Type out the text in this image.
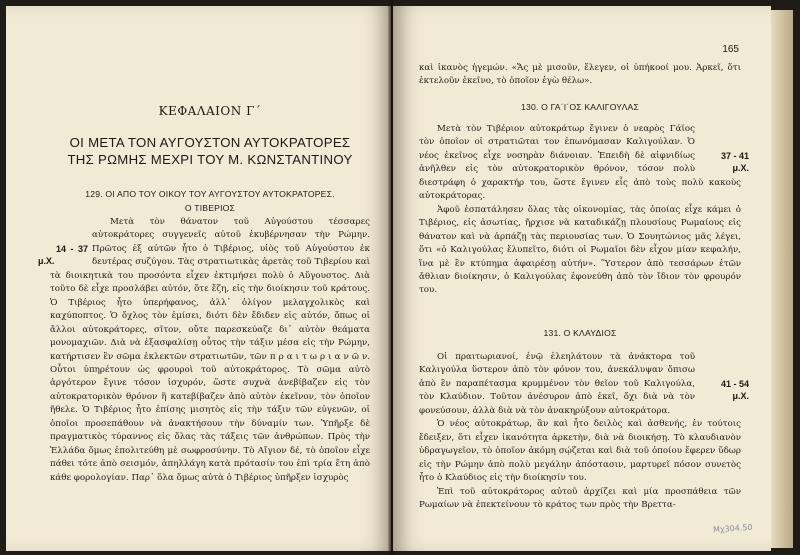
ΚΕΦΑΛΑΙΟΝ Γ΄
ΟΙ ΜΕΤΑ ΤΟΝ ΑΥΓΟΥΣΤΟΝ ΑΥΤΟΚΡΑΤΟΡΕΣ
ΤΗΣ ΡΩΜΗΣ ΜΕΧΡΙ ΤΟΥ Μ. ΚΩΝΣΤΑΝΤΙΝΟΥ
129. ΟΙ ΑΠΟ ΤΟΥ ΟΙΚΟΥ ΤΟΥ ΑΥΓΟΥΣΤΟΥ ΑΥΤΟΚΡΑΤΟΡΕΣ.
Ο ΤΙΒΕΡΙΟΣ

14 - 37 μ.Χ.
Μετὰ τὸν θάνατον τοῦ Αὐγούστου τέσσαρες αὐτοκράτορες συγγενεῖς αὐτοῦ ἐκυβέρνησαν τὴν Ρώμην. Πρῶτος ἐξ αὐτῶν ἦτο ὁ Τιβέριος, υἱὸς τοῦ Αὐγούστου ἐκ δευτέρας συζύγου. Τὰς στρατιωτικὰς ἀρετὰς τοῦ Τιβερίου καὶ τὰ διοικητικὰ του προσόντα εἶχεν ἐκτιμήσει πολὺ ὁ Αὔγουστος. Διὰ τοῦτο δὲ εἶχε προσλάβει αὐτόν, ὅτε ἔζη, εἰς τὴν διοίκησιν τοῦ κράτους. Ὁ Τιβέριος ἦτο ὑπερήφανος, ἀλλ᾿ ὀλίγον μελαγχολικὸς καὶ καχύποπτος. Ὁ ὄχλος τὸν ἐμίσει, διότι δὲν ἔδιδεν εἰς αὐτόν, ὅπως οἱ ἄλλοι αὐτοκράτορες, σῖτον, οὔτε παρεσκεύαζε δι᾿ αὐτὸν θεάματα μονομαχιῶν. Διὰ νὰ ἐξασφαλίσῃ οὗτος τὴν τάξιν μέσα εἰς τὴν Ρώμην, κατήρτισεν ἓν σῶμα ἐκλεκτῶν στρατιωτῶν, τῶν π ρ α ι τ ω ρ ι α ν ῶ ν. Οὗτοι ὑπηρέτουν ὡς φρουροὶ τοῦ αὐτοκράτορος. Τὸ σῶμα αὐτὸ ἀργότερον ἔγινε τόσον ἰσχυρόν, ὥστε συχνὰ ἀνεβίβαζεν εἰς τὸν αὐτοκρατορικὸν θρόνον ἢ κατεβίβαζεν ἀπὸ αὐτὸν ἐκεῖνον, τὸν ὁποῖον ἤθελε. Ὁ Τιβέριος ἦτο ἐπίσης μισητὸς εἰς τὴν τάξιν τῶν εὐγενῶν, οἱ ὁποῖοι προσεπάθουν νὰ ἀνακτήσουν τὴν δύναμίν των. Ὑπῆρξε δὲ πραγματικὸς τύραννος εἰς ὅλας τὰς τάξεις τῶν ἀνθρώπων. Πρὸς τὴν Ἑλλάδα ὅμως ἐπολιτεύθη μὲ σωφροσύνην. Τὸ Αἴγιον δέ, τὸ ὁποῖον εἶχε πάθει τότε ἀπὸ σεισμόν, ἀπηλλάγη κατὰ πρότασίν του ἐπὶ τρία ἔτη ἀπὸ κάθε φορολογίαν. Παρ᾿ ὅλα ὅμως αὐτὰ ὁ Τιβέριος ὑπῆρξεν ἰσχυρὸς

165

καὶ ἱκανὸς ἡγεμών. «Ἄς μὲ μισοῦν, ἔλεγεν, οἱ ὑπήκοοί μου. Ἀρκεῖ, ὅτι ἐκτελοῦν ἐκεῖνο, τὸ ὁποῖον ἐγὼ θέλω».

130. Ο ΓΑ΄Ι΄ΟΣ ΚΑΛΙΓΟΥΛΑΣ

37 - 41 μ.Χ.
Μετὰ τὸν Τιβέριον αὐτοκράτωρ ἔγινεν ὁ νεαρὸς Γάϊος τὸν ὁποῖον οἱ στρατιῶται τον ἐπωνόμασαν Καλιγούλαν. Ὁ νέος ἐκεῖνος εἶχε νοσηρὰν διάνοιαν. Ἐπειδὴ δὲ αἰφνιδίως ἀνῆλθεν εἰς τὸν αὐτοκρατορικὸν θρόνον, τόσον πολὺ διεστράφη ὁ χαρακτήρ του, ὥστε ἔγινεν εἷς ἀπὸ τοὺς πολὺ κακοὺς αὐτοκράτορας.

Ἀφοῦ ἐσπατάλησεν ὅλας τὰς οἰκονομίας, τὰς ὁποίας εἶχε κάμει ὁ Τιβέριος, εἰς ἀσωτίας, ἤρχισε νὰ καταδικάζῃ πλουσίους Ρωμαίους εἰς θάνατον καὶ νὰ ἁρπάζῃ τὰς περιουσίας των. Ὁ Σουητώνιος μᾶς λέγει, ὅτι «ὁ Καλιγούλας ἔλυπεῖτο, διότι οἱ Ρωμαῖοι δὲν εἶχον μίαν κεφαλήν, ἵνα μὲ ἓν κτύπημα ἀφαιρέσῃ αὐτήν». Ὕστερον ἀπὸ τεσσάρων ἐτῶν ἄθλιαν διοίκησιν, ὁ Καλιγούλας ἐφονεύθη ἀπὸ τὸν ἴδιον τὸν φρουρόν του.

131. Ο ΚΛΑΥΔΙΟΣ

41 - 54 μ.Χ.
Οἱ πραιτωριανοί, ἐνῷ ἐλεηλάτουν τὰ ἀνάκτορα τοῦ Καλιγούλα ὕστερον ἀπὸ τὸν φόνον του, ἀνεκάλυψαν ὄπισω ἀπὸ ἓν παραπέτασμα κρυμμένον τὸν θεῖον τοῦ Καλιγούλα, τὸν Κλαύδιον. Τοῦτον ἀνέσυρον ἀπὸ ἐκεῖ, ὄχι διὰ νὰ τὸν φονεύσουν, ἀλλὰ διὰ νὰ τὸν ἀνακηρύξουν αὐτοκράτορα.

Ὁ νέος αὐτοκράτωρ, ἂν καὶ ἦτο δειλὸς καὶ ἀσθενής, ἐν τούτοις ἔδειξεν, ὅτι εἶχεν ἱκανότητα ἀρκετὴν, διὰ νὰ διοικήσῃ. Τὸ κλαυδιανὸν ὑδραγωγεῖον, τὸ ὁποῖον ἀκόμη σῴζεται καὶ διὰ τοῦ ὁποίου ἔφερεν ὕδωρ εἰς τὴν Ρώμην ἀπὸ πολὺ μεγάλην ἀπόστασιν, μαρτυρεῖ πόσον συνετὸς ἦτο ὁ Κλαύδιος εἰς τὴν διοίκησίν του.

Ἐπὶ τοῦ αὐτοκράτορος αὐτοῦ ἀρχίζει καὶ μία προσπάθεια τῶν Ρωμαίων νὰ ἐπεκτείνουν τὸ κράτος των πρὸς τὴν Βρεττα-

Μχ304.50
